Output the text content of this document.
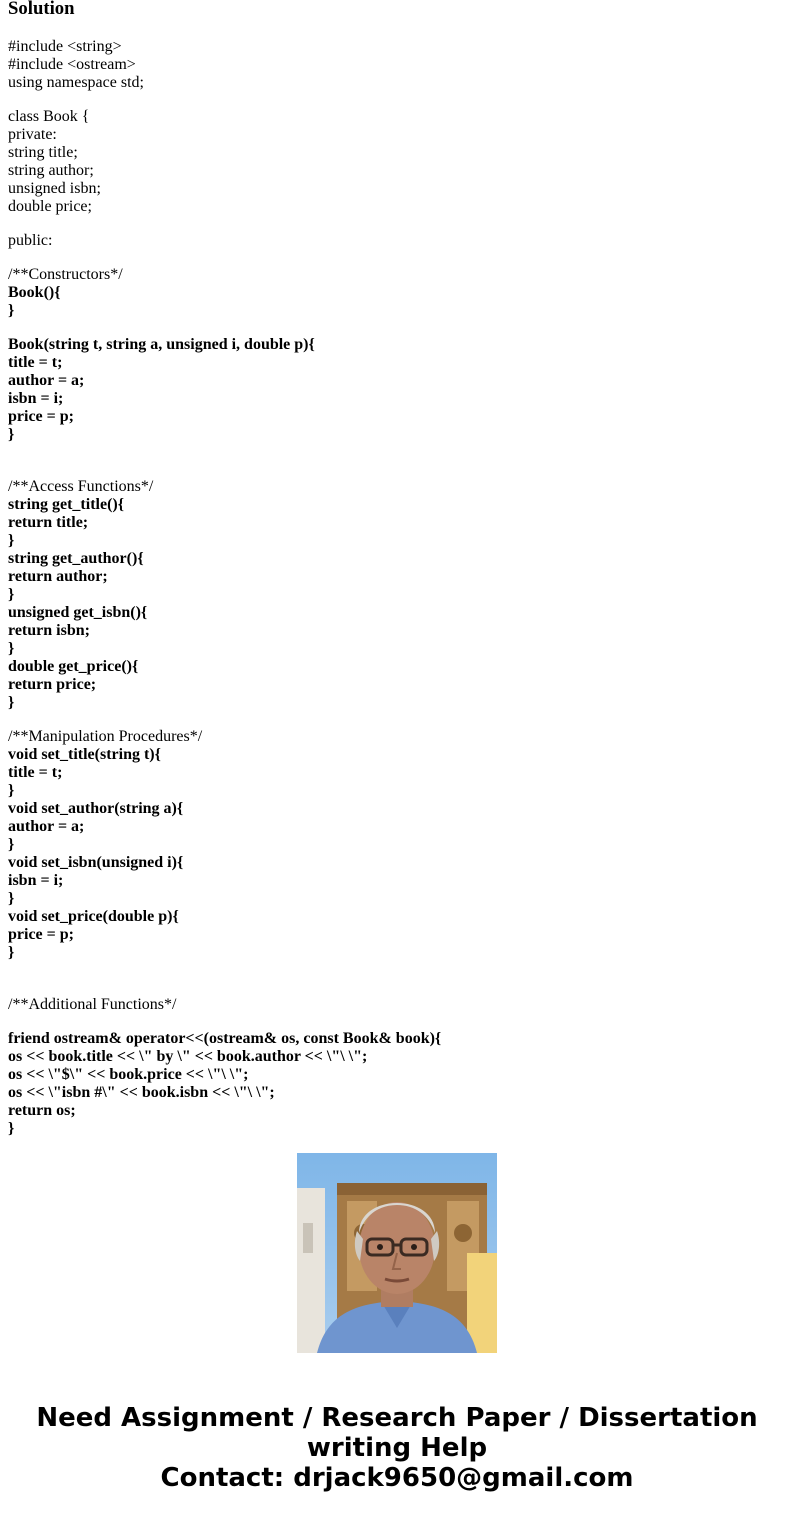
Solution
#include <string>
#include <ostream>
using namespace std;
class Book {
private:
string title;
string author;
unsigned isbn;
double price;
public:
/**Constructors*/
Book(){
}
Book(string t, string a, unsigned i, double p){
title = t;
author = a;
isbn = i;
price = p;
}
/**Access Functions*/
string get_title(){
return title;
}
string get_author(){
return author;
}
unsigned get_isbn(){
return isbn;
}
double get_price(){
return price;
}
/**Manipulation Procedures*/
void set_title(string t){
title = t;
}
void set_author(string a){
author = a;
}
void set_isbn(unsigned i){
isbn = i;
}
void set_price(double p){
price = p;
}
/**Additional Functions*/
friend ostream& operator<<(ostream& os, const Book& book){
os << book.title << \" by \" << book.author << \"\ \";
os << \"$\" << book.price << \"\ \";
os << \"isbn #\" << book.isbn << \"\ \";
return os;
}
Need Assignment / Research Paper / Dissertation
writing Help
Contact: drjack9650@gmail.com
